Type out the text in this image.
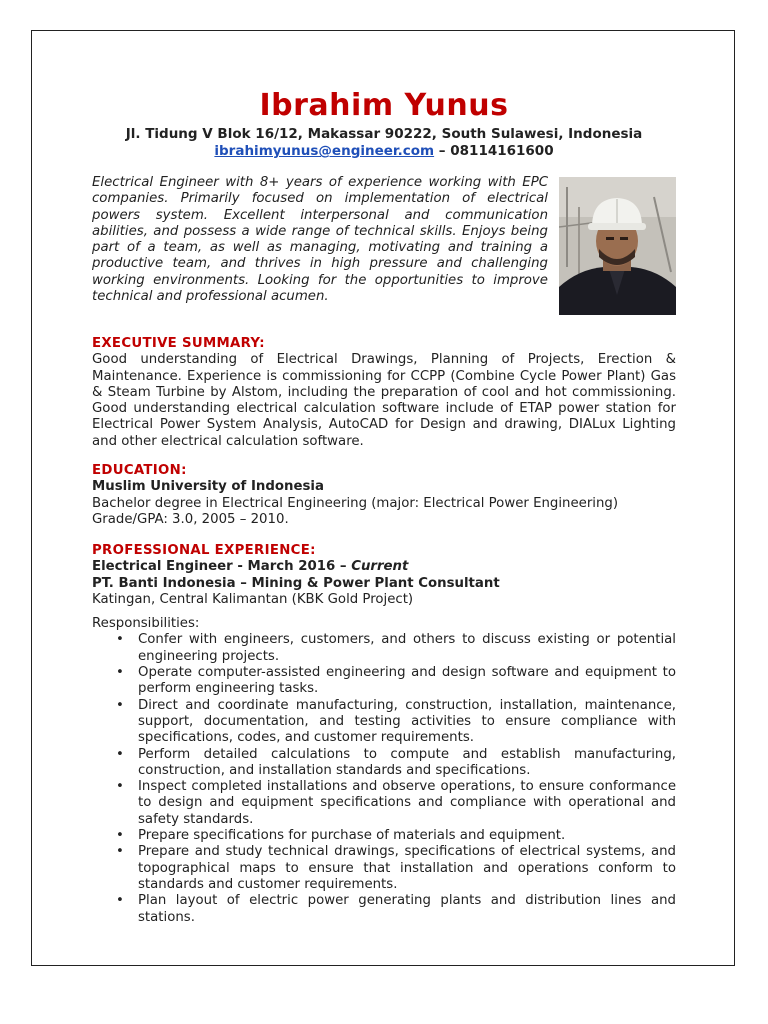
Ibrahim Yunus
Jl. Tidung V Blok 16/12, Makassar 90222, South Sulawesi, Indonesia
ibrahimyunus@engineer.com – 08114161600
Electrical Engineer with 8+ years of experience working with EPC companies. Primarily focused on implementation of electrical powers system. Excellent interpersonal and communication abilities, and possess a wide range of technical skills. Enjoys being part of a team, as well as managing, motivating and training a productive team, and thrives in high pressure and challenging working environments. Looking for the opportunities to improve technical and professional acumen.
EXECUTIVE SUMMARY:
Good understanding of Electrical Drawings, Planning of Projects, Erection & Maintenance. Experience is commissioning for CCPP (Combine Cycle Power Plant) Gas & Steam Turbine by Alstom, including the preparation of cool and hot commissioning. Good understanding electrical calculation software include of ETAP power station for Electrical Power System Analysis, AutoCAD for Design and drawing, DIALux Lighting and other electrical calculation software.
EDUCATION:
Muslim University of Indonesia
Bachelor degree in Electrical Engineering (major: Electrical Power Engineering)
Grade/GPA: 3.0, 2005 – 2010.
PROFESSIONAL EXPERIENCE:
Electrical Engineer - March 2016 – Current
PT. Banti Indonesia – Mining & Power Plant Consultant
Katingan, Central Kalimantan (KBK Gold Project)
Responsibilities:
• Confer with engineers, customers, and others to discuss existing or potential engineering projects.
• Operate computer-assisted engineering and design software and equipment to perform engineering tasks.
• Direct and coordinate manufacturing, construction, installation, maintenance, support, documentation, and testing activities to ensure compliance with specifications, codes, and customer requirements.
• Perform detailed calculations to compute and establish manufacturing, construction, and installation standards and specifications.
• Inspect completed installations and observe operations, to ensure conformance to design and equipment specifications and compliance with operational and safety standards.
• Prepare specifications for purchase of materials and equipment.
• Prepare and study technical drawings, specifications of electrical systems, and topographical maps to ensure that installation and operations conform to standards and customer requirements.
• Plan layout of electric power generating plants and distribution lines and stations.
